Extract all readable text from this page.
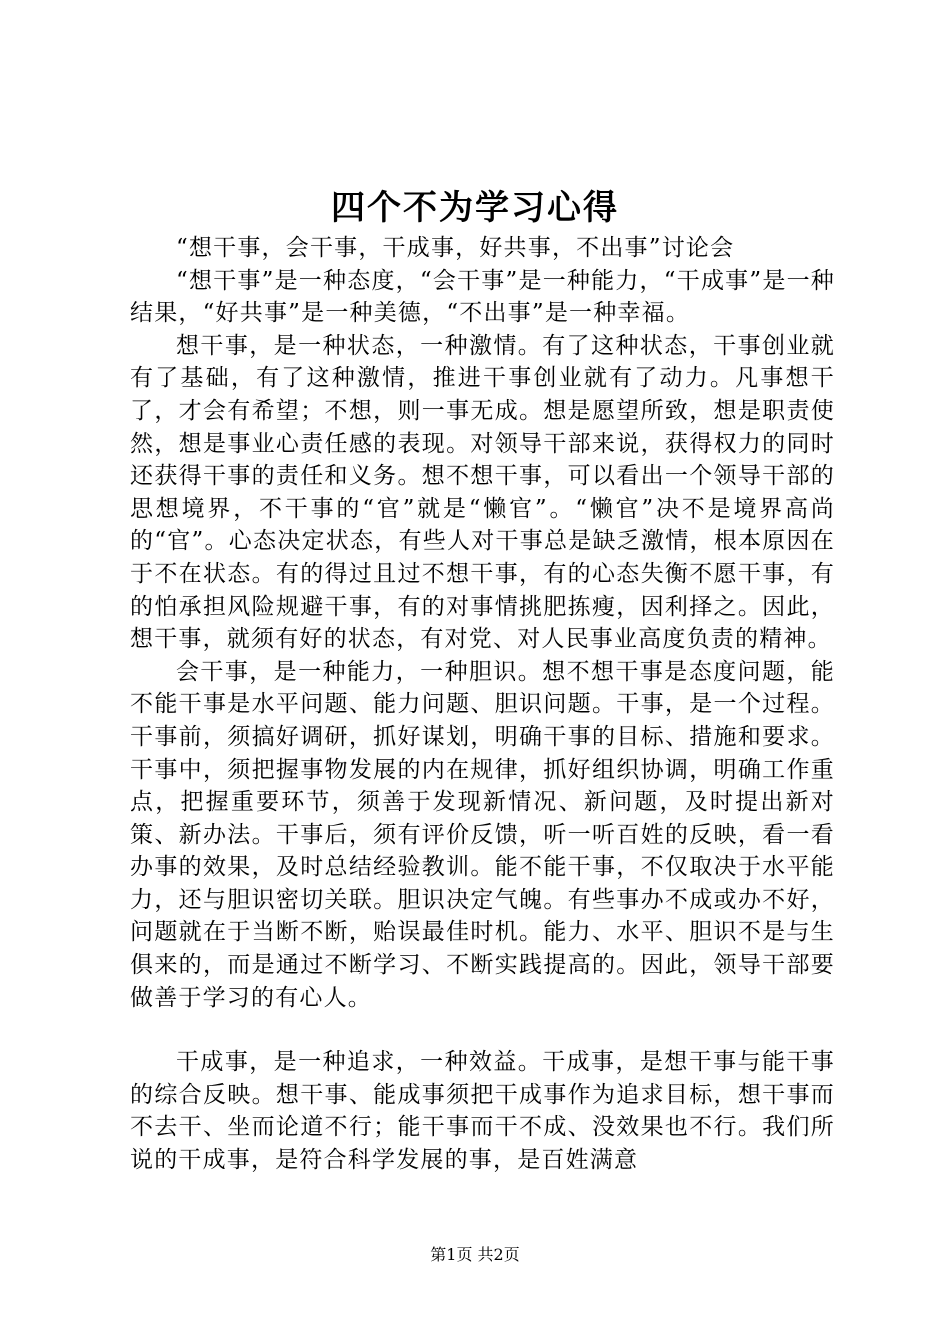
四个不为学习心得

“想干事，会干事，干成事，好共事，不出事”讨论会

“想干事”是一种态度，“会干事”是一种能力，“干成事”是一种结果，“好共事”是一种美德，“不出事”是一种幸福。

想干事，是一种状态，一种激情。有了这种状态，干事创业就有了基础，有了这种激情，推进干事创业就有了动力。凡事想干了，才会有希望；不想，则一事无成。想是愿望所致，想是职责使然，想是事业心责任感的表现。对领导干部来说，获得权力的同时还获得干事的责任和义务。想不想干事，可以看出一个领导干部的思想境界，不干事的“官”就是“懒官”。“懒官”决不是境界高尚的“官”。心态决定状态，有些人对干事总是缺乏激情，根本原因在于不在状态。有的得过且过不想干事，有的心态失衡不愿干事，有的怕承担风险规避干事，有的对事情挑肥拣瘦，因利择之。因此，想干事，就须有好的状态，有对党、对人民事业高度负责的精神。

会干事，是一种能力，一种胆识。想不想干事是态度问题，能不能干事是水平问题、能力问题、胆识问题。干事，是一个过程。干事前，须搞好调研，抓好谋划，明确干事的目标、措施和要求。干事中，须把握事物发展的内在规律，抓好组织协调，明确工作重点，把握重要环节，须善于发现新情况、新问题，及时提出新对策、新办法。干事后，须有评价反馈，听一听百姓的反映，看一看办事的效果，及时总结经验教训。能不能干事，不仅取决于水平能力，还与胆识密切关联。胆识决定气魄。有些事办不成或办不好，问题就在于当断不断，贻误最佳时机。能力、水平、胆识不是与生俱来的，而是通过不断学习、不断实践提高的。因此，领导干部要做善于学习的有心人。

干成事，是一种追求，一种效益。干成事，是想干事与能干事的综合反映。想干事、能成事须把干成事作为追求目标，想干事而不去干、坐而论道不行；能干事而干不成、没效果也不行。我们所说的干成事，是符合科学发展的事，是百姓满意

第1页 共2页
